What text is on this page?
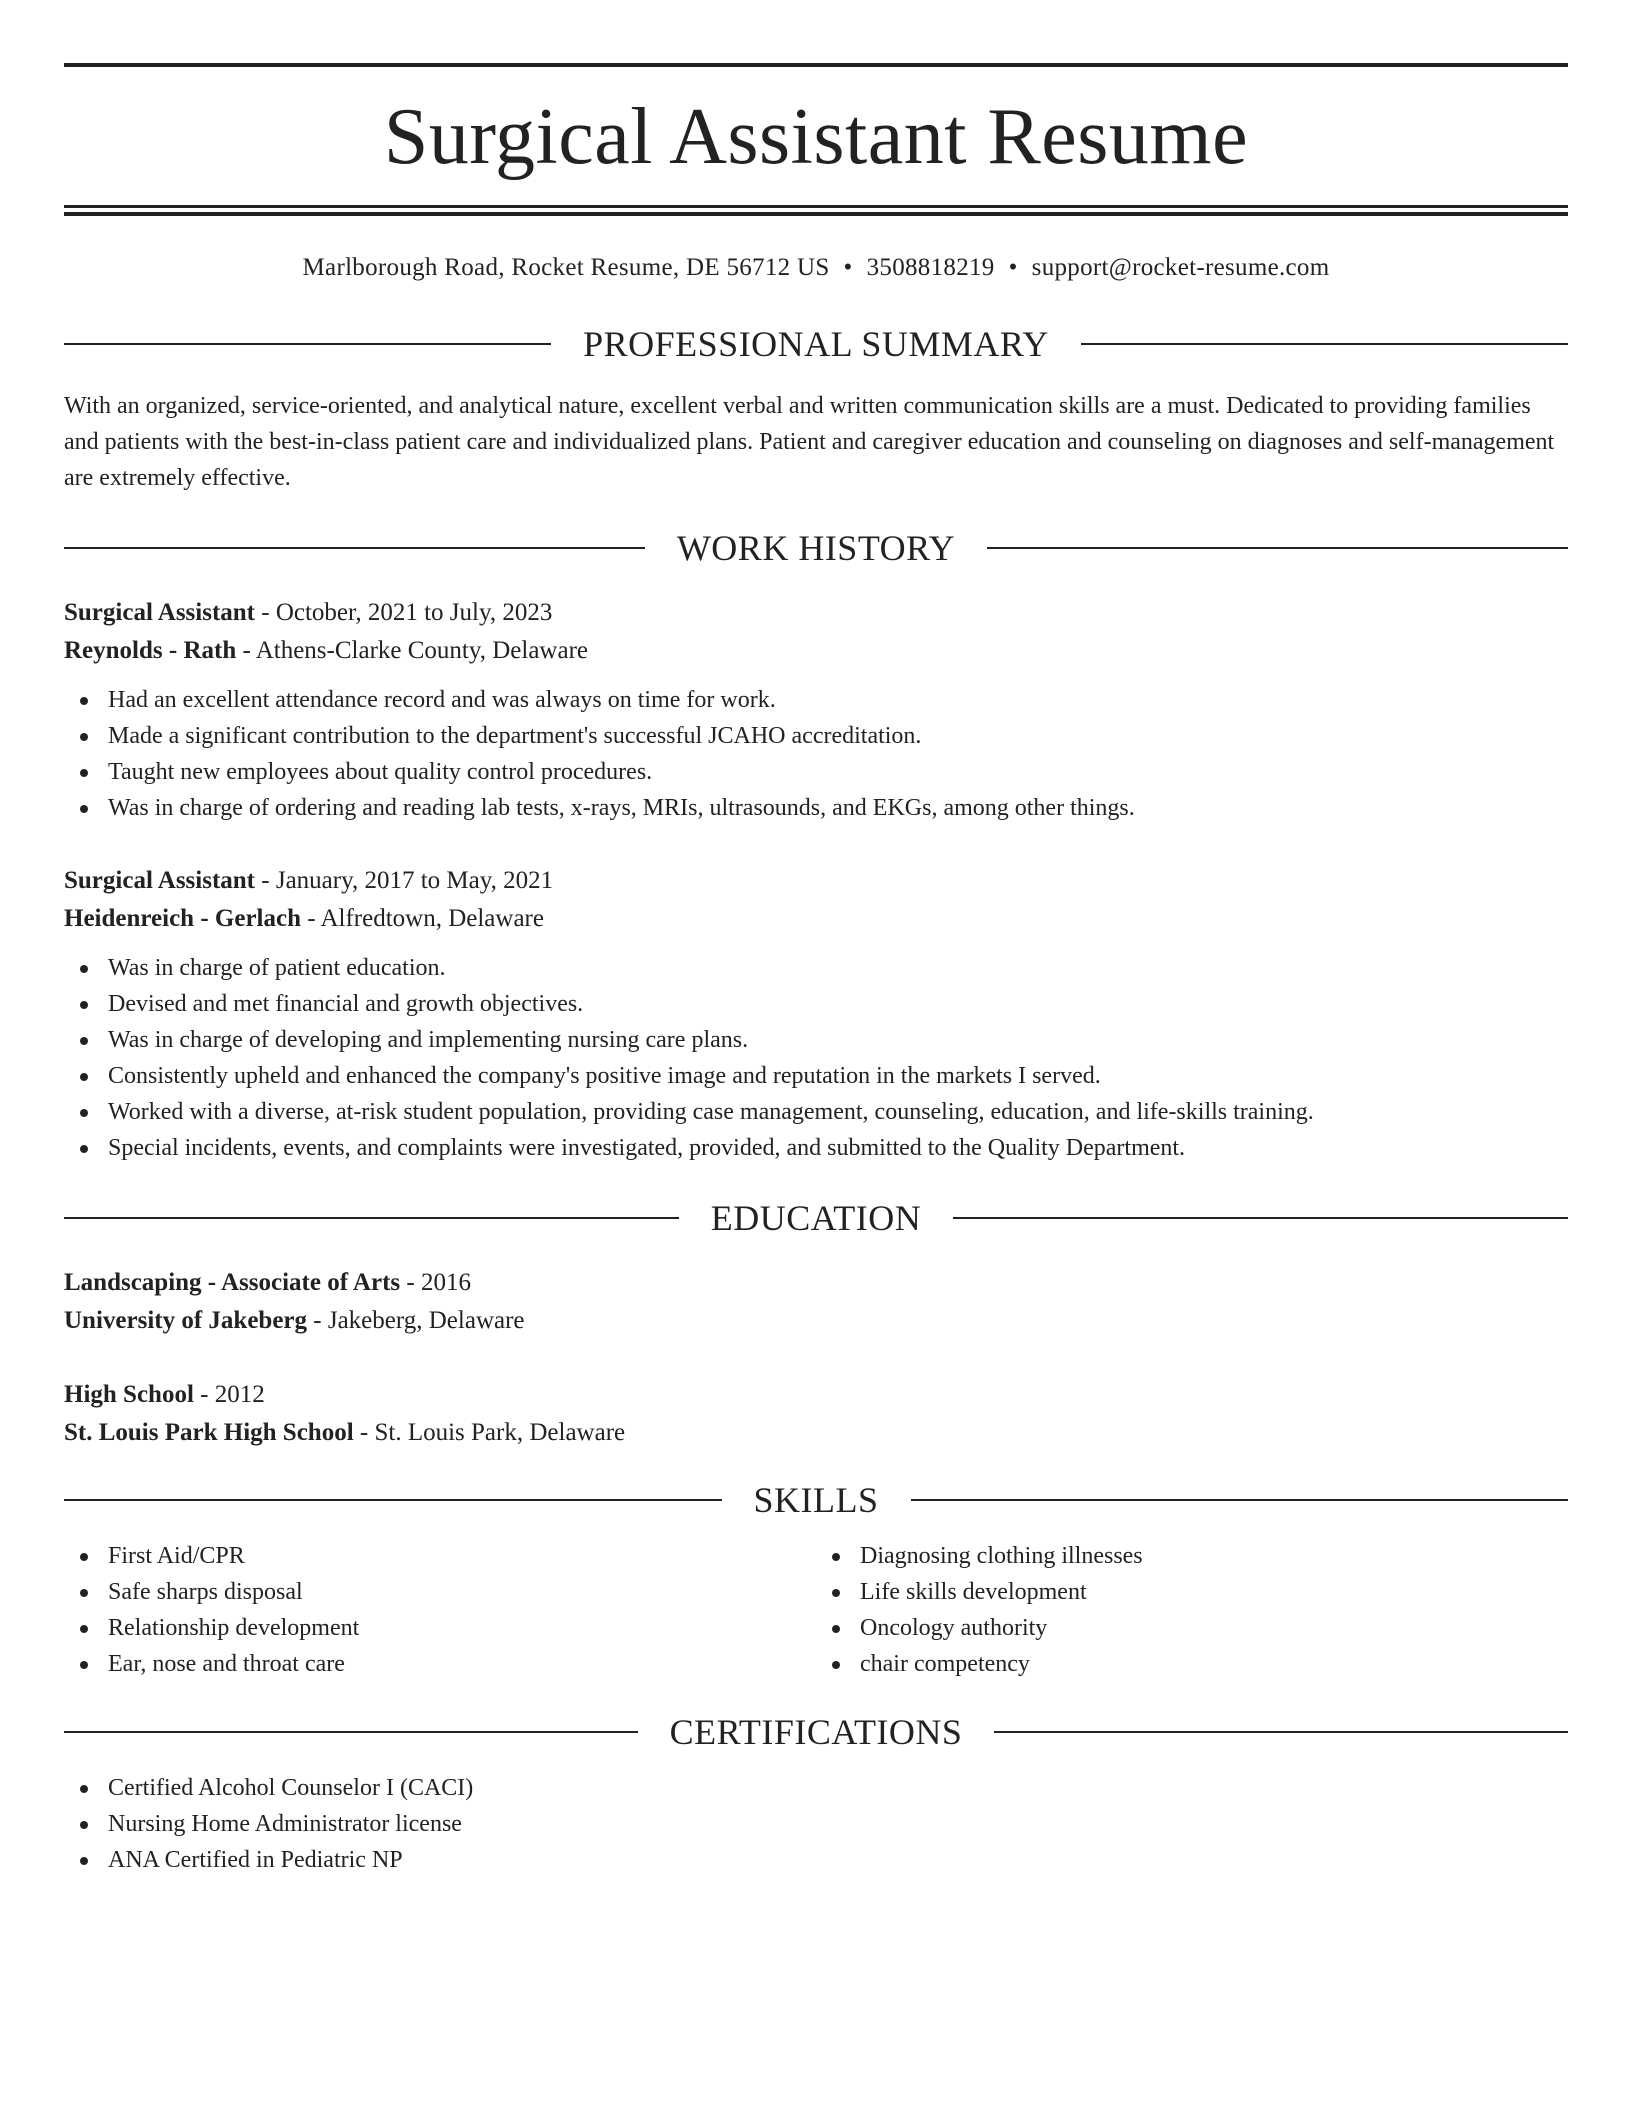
Surgical Assistant Resume
Marlborough Road, Rocket Resume, DE 56712 US • 3508818219 • support@rocket-resume.com
PROFESSIONAL SUMMARY

With an organized, service-oriented, and analytical nature, excellent verbal and written communication skills are a must. Dedicated to providing families and patients with the best-in-class patient care and individualized plans. Patient and caregiver education and counseling on diagnoses and self-management are extremely effective.

WORK HISTORY
Surgical Assistant - October, 2021 to July, 2023
Reynolds - Rath - Athens-Clarke County, Delaware
Had an excellent attendance record and was always on time for work.
Made a significant contribution to the department's successful JCAHO accreditation.
Taught new employees about quality control procedures.
Was in charge of ordering and reading lab tests, x-rays, MRIs, ultrasounds, and EKGs, among other things.
Surgical Assistant - January, 2017 to May, 2021
Heidenreich - Gerlach - Alfredtown, Delaware
Was in charge of patient education.
Devised and met financial and growth objectives.
Was in charge of developing and implementing nursing care plans.
Consistently upheld and enhanced the company's positive image and reputation in the markets I served.
Worked with a diverse, at-risk student population, providing case management, counseling, education, and life-skills training.
Special incidents, events, and complaints were investigated, provided, and submitted to the Quality Department.
EDUCATION
Landscaping - Associate of Arts - 2016
University of Jakeberg - Jakeberg, Delaware
High School - 2012
St. Louis Park High School - St. Louis Park, Delaware
SKILLS
First Aid/CPR
Safe sharps disposal
Relationship development
Ear, nose and throat care
Diagnosing clothing illnesses
Life skills development
Oncology authority
chair competency
CERTIFICATIONS
Certified Alcohol Counselor I (CACI)
Nursing Home Administrator license
ANA Certified in Pediatric NP
